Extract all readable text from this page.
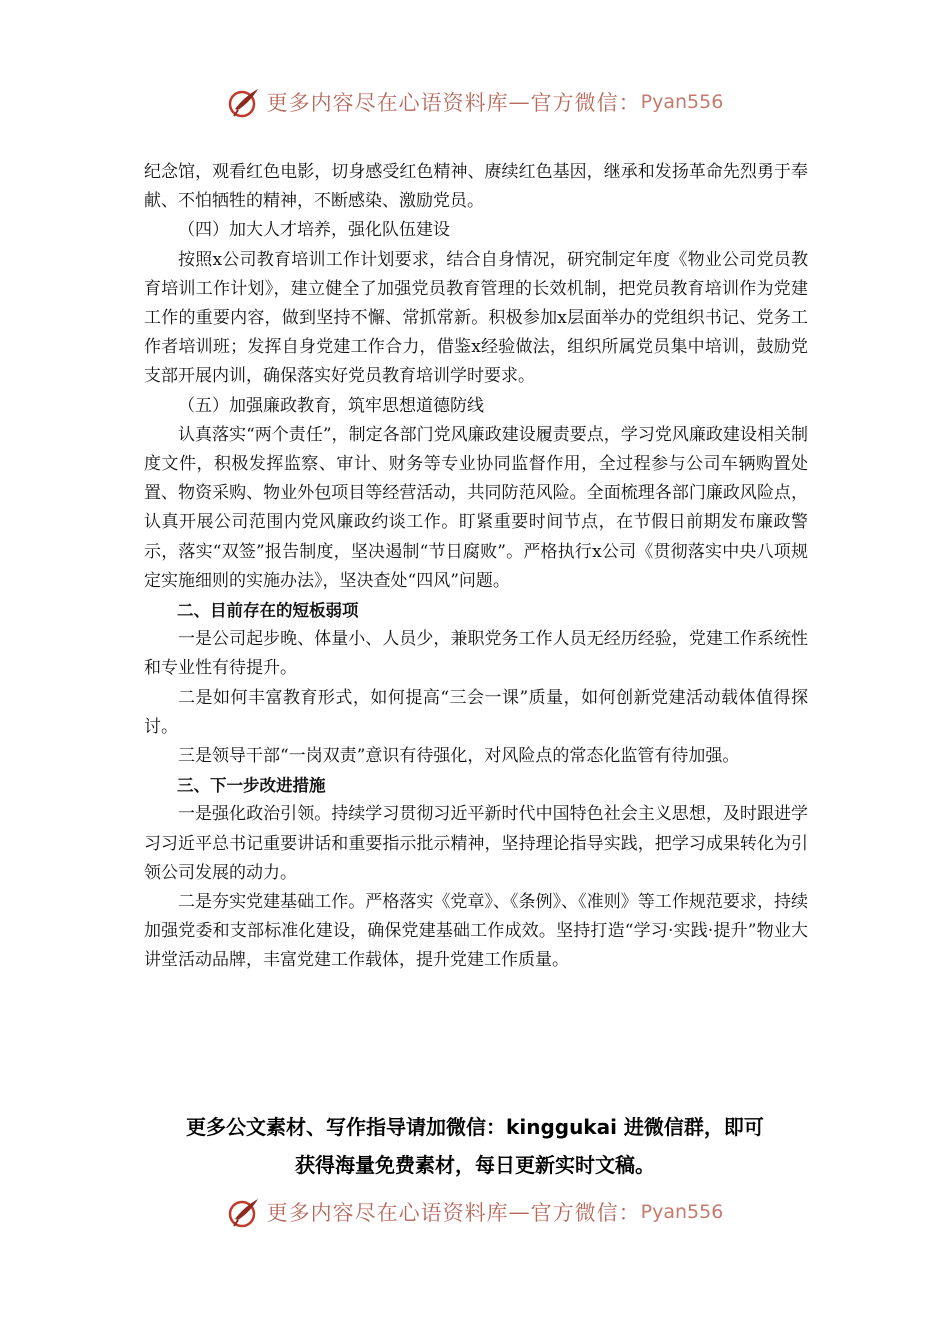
更多内容尽在心语资料库 — 官方微信： Pyan556

纪念馆，观看红色电影，切身感受红色精神、赓续红色基因，继承和发扬革命先烈勇于奉献、不怕牺牲的精神，不断感染、激励党员。

（四）加大人才培养，强化队伍建设

按照x公司教育培训工作计划要求，结合自身情况，研究制定年度《物业公司党员教育培训工作计划》，建立健全了加强党员教育管理的长效机制，把党员教育培训作为党建工作的重要内容，做到坚持不懈、常抓常新。积极参加x层面举办的党组织书记、党务工作者培训班；发挥自身党建工作合力，借鉴x经验做法，组织所属党员集中培训，鼓励党支部开展内训，确保落实好党员教育培训学时要求。

（五）加强廉政教育，筑牢思想道德防线

认真落实“两个责任”，制定各部门党风廉政建设履责要点，学习党风廉政建设相关制度文件，积极发挥监察、审计、财务等专业协同监督作用，全过程参与公司车辆购置处置、物资采购、物业外包项目等经营活动，共同防范风险。全面梳理各部门廉政风险点，认真开展公司范围内党风廉政约谈工作。盯紧重要时间节点，在节假日前期发布廉政警示，落实“双签”报告制度，坚决遏制“节日腐败”。严格执行x公司《贯彻落实中央八项规定实施细则的实施办法》，坚决查处“四风”问题。

二、目前存在的短板弱项

一是公司起步晚、体量小、人员少，兼职党务工作人员无经历经验，党建工作系统性和专业性有待提升。

二是如何丰富教育形式，如何提高“三会一课”质量，如何创新党建活动载体值得探讨。

三是领导干部“一岗双责”意识有待强化，对风险点的常态化监管有待加强。

三、下一步改进措施

一是强化政治引领。持续学习贯彻习近平新时代中国特色社会主义思想，及时跟进学习习近平总书记重要讲话和重要指示批示精神，坚持理论指导实践，把学习成果转化为引领公司发展的动力。

二是夯实党建基础工作。严格落实《党章》、《条例》、《准则》等工作规范要求，持续加强党委和支部标准化建设，确保党建基础工作成效。坚持打造“学习·实践·提升”物业大讲堂活动品牌，丰富党建工作载体，提升党建工作质量。

更多公文素材、写作指导请加微信：kinggukai 进微信群，即可

获得海量免费素材，每日更新实时文稿。

更多内容尽在心语资料库 — 官方微信： Pyan556
